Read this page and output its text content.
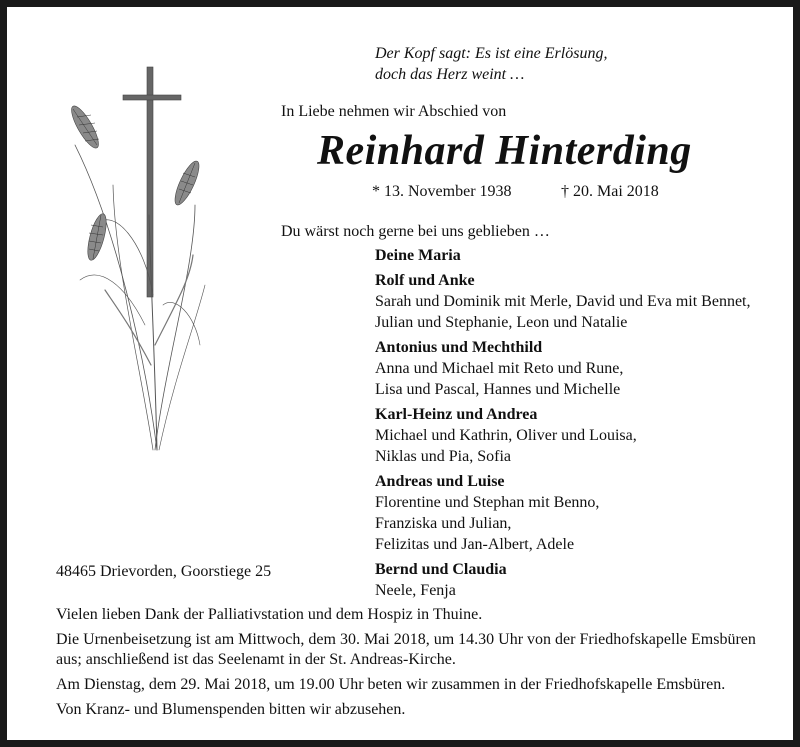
Der Kopf sagt: Es ist eine Erlösung,
doch das Herz weint …
In Liebe nehmen wir Abschied von
Reinhard Hinterding
* 13. November 1938	† 20. Mai 2018
Du wärst noch gerne bei uns geblieben …
Deine Maria
Rolf und Anke
Sarah und Dominik mit Merle, David und Eva mit Bennet,
Julian und Stephanie, Leon und Natalie
Antonius und Mechthild
Anna und Michael mit Reto und Rune,
Lisa und Pascal, Hannes und Michelle
Karl-Heinz und Andrea
Michael und Kathrin, Oliver und Louisa,
Niklas und Pia, Sofia
Andreas und Luise
Florentine und Stephan mit Benno,
Franziska und Julian,
Felizitas und Jan-Albert, Adele
Bernd und Claudia
Neele, Fenja
48465 Drievorden, Goorstiege 25
Vielen lieben Dank der Palliativstation und dem Hospiz in Thuine.
Die Urnenbeisetzung ist am Mittwoch, dem 30. Mai 2018, um 14.30 Uhr von der Friedhofskapelle Emsbüren aus; anschließend ist das Seelenamt in der St. Andreas-Kirche.
Am Dienstag, dem 29. Mai 2018, um 19.00 Uhr beten wir zusammen in der Friedhofskapelle Emsbüren.
Von Kranz- und Blumenspenden bitten wir abzusehen.
